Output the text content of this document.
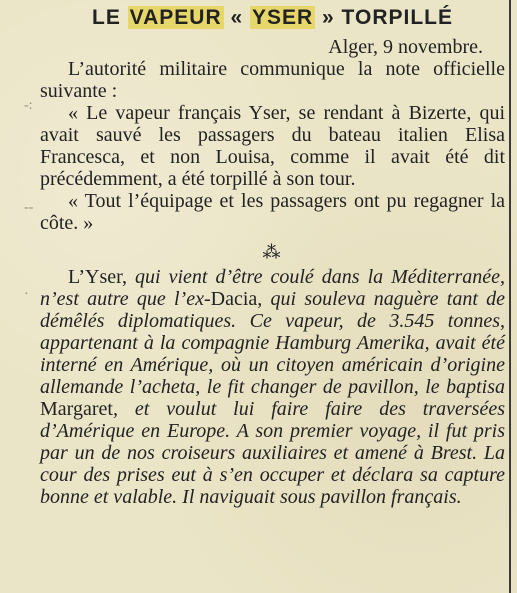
-:
--
·
LE VAPEUR « YSER » TORPILLÉ

Alger, 9 novembre.

L’autorité militaire communique la note officielle suivante :

« Le vapeur français Yser, se rendant à Bizerte, qui avait sauvé les passagers du bateau italien Elisa Francesca, et non Louisa, comme il avait été dit précédemment, a été torpillé à son tour.

« Tout l’équipage et les passagers ont pu regagner la côte. »

⁂

L’Yser, qui vient d’être coulé dans la Méditerranée, n’est autre que l’ex-Dacia, qui souleva naguère tant de démêlés diplomatiques. Ce vapeur, de 3.545 tonnes, appartenant à la compagnie Hamburg Amerika, avait été interné en Amérique, où un citoyen américain d’origine allemande l’acheta, le fit changer de pavillon, le baptisa Margaret, et voulut lui faire faire des traversées d’Amérique en Europe. A son premier voyage, il fut pris par un de nos croiseurs auxiliaires et amené à Brest. La cour des prises eut à s’en occuper et déclara sa capture bonne et valable. Il naviguait sous pavillon français.
